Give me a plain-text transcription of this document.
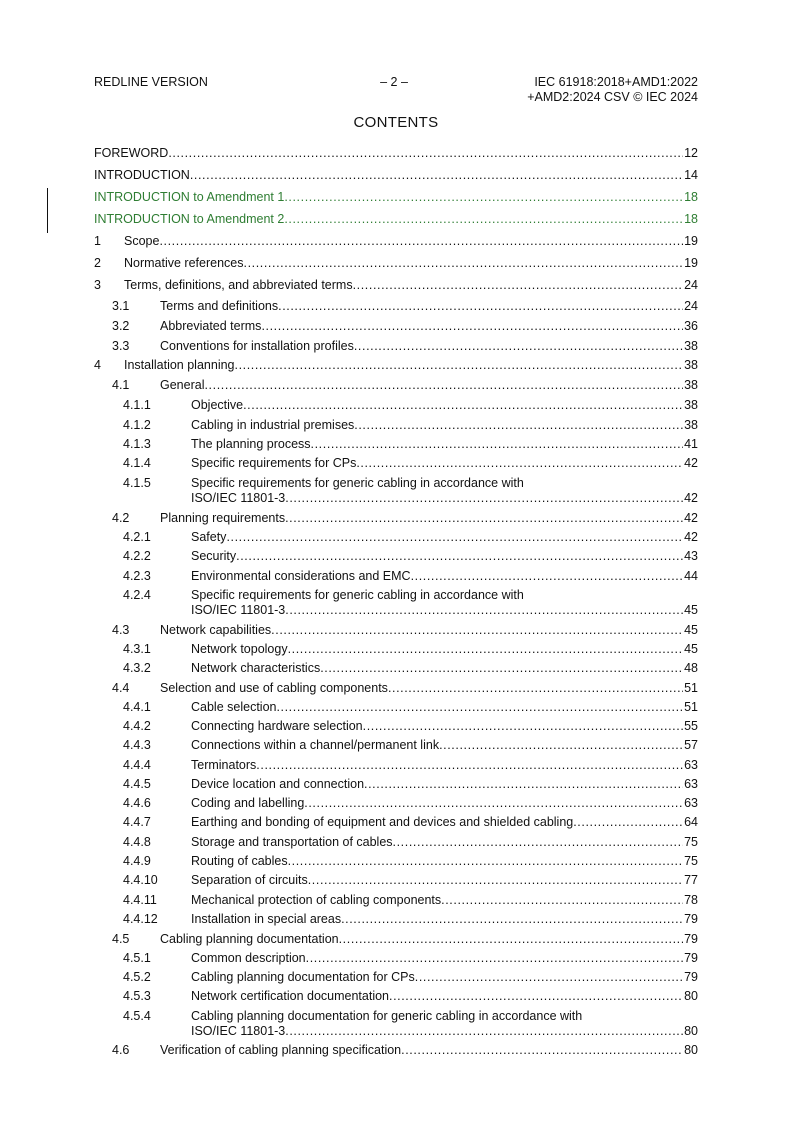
REDLINE VERSION	– 2 –	IEC 61918:2018+AMD1:2022
+AMD2:2024 CSV © IEC 2024
CONTENTS
FOREWORD .....	12
INTRODUCTION .....	14
INTRODUCTION to Amendment 1 .....	18
INTRODUCTION to Amendment 2 .....	18
1	Scope .....	19
2	Normative references .....	19
3	Terms, definitions, and abbreviated terms .....	24
3.1	Terms and definitions .....	24
3.2	Abbreviated terms .....	36
3.3	Conventions for installation profiles .....	38
4	Installation planning .....	38
4.1	General .....	38
4.1.1	Objective .....	38
4.1.2	Cabling in industrial premises .....	38
4.1.3	The planning process .....	41
4.1.4	Specific requirements for CPs .....	42
4.1.5	Specific requirements for generic cabling in accordance with
ISO/IEC 11801-3 .....	42
4.2	Planning requirements .....	42
4.2.1	Safety .....	42
4.2.2	Security .....	43
4.2.3	Environmental considerations and EMC .....	44
4.2.4	Specific requirements for generic cabling in accordance with
ISO/IEC 11801-3 .....	45
4.3	Network capabilities .....	45
4.3.1	Network topology .....	45
4.3.2	Network characteristics .....	48
4.4	Selection and use of cabling components .....	51
4.4.1	Cable selection .....	51
4.4.2	Connecting hardware selection .....	55
4.4.3	Connections within a channel/permanent link .....	57
4.4.4	Terminators .....	63
4.4.5	Device location and connection .....	63
4.4.6	Coding and labelling .....	63
4.4.7	Earthing and bonding of equipment and devices and shielded cabling .....	64
4.4.8	Storage and transportation of cables .....	75
4.4.9	Routing of cables .....	75
4.4.10	Separation of circuits .....	77
4.4.11	Mechanical protection of cabling components .....	78
4.4.12	Installation in special areas .....	79
4.5	Cabling planning documentation .....	79
4.5.1	Common description .....	79
4.5.2	Cabling planning documentation for CPs .....	79
4.5.3	Network certification documentation .....	80
4.5.4	Cabling planning documentation for generic cabling in accordance with
ISO/IEC 11801-3 .....	80
4.6	Verification of cabling planning specification .....	80
